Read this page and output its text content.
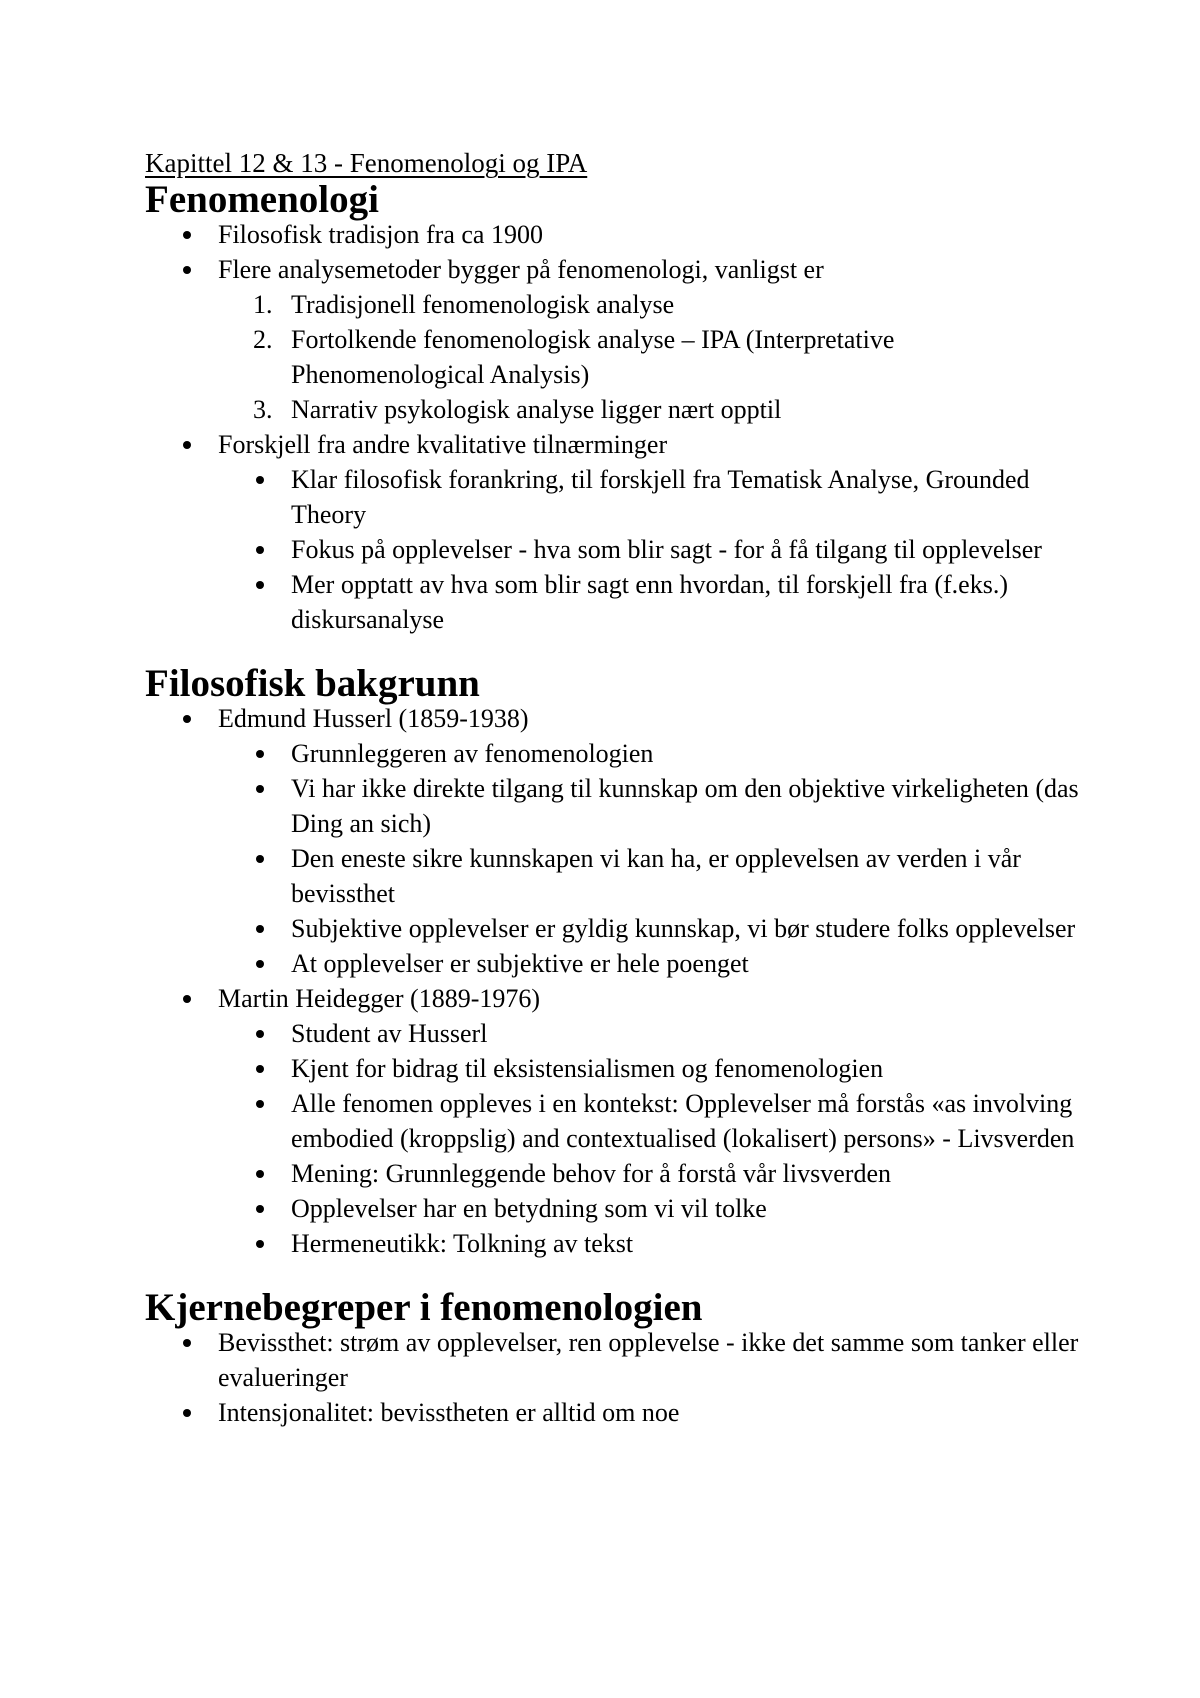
Kapittel 12 & 13 - Fenomenologi og IPA
Fenomenologi
Filosofisk tradisjon fra ca 1900
Flere analysemetoder bygger på fenomenologi, vanligst er
1. Tradisjonell fenomenologisk analyse
2. Fortolkende fenomenologisk analyse – IPA (Interpretative Phenomenological Analysis)
3. Narrativ psykologisk analyse ligger nært opptil
Forskjell fra andre kvalitative tilnærminger
Klar filosofisk forankring, til forskjell fra Tematisk Analyse, Grounded Theory
Fokus på opplevelser - hva som blir sagt - for å få tilgang til opplevelser
Mer opptatt av hva som blir sagt enn hvordan, til forskjell fra (f.eks.) diskursanalyse
Filosofisk bakgrunn
Edmund Husserl (1859-1938)
Grunnleggeren av fenomenologien
Vi har ikke direkte tilgang til kunnskap om den objektive virkeligheten (das Ding an sich)
Den eneste sikre kunnskapen vi kan ha, er opplevelsen av verden i vår bevissthet
Subjektive opplevelser er gyldig kunnskap, vi bør studere folks opplevelser
At opplevelser er subjektive er hele poenget
Martin Heidegger (1889-1976)
Student av Husserl
Kjent for bidrag til eksistensialismen og fenomenologien
Alle fenomen oppleves i en kontekst: Opplevelser må forstås «as involving embodied (kroppslig) and contextualised (lokalisert) persons» - Livsverden
Mening: Grunnleggende behov for å forstå vår livsverden
Opplevelser har en betydning som vi vil tolke
Hermeneutikk: Tolkning av tekst
Kjernebegreper i fenomenologien
Bevissthet: strøm av opplevelser, ren opplevelse - ikke det samme som tanker eller evalueringer
Intensjonalitet: bevisstheten er alltid om noe
